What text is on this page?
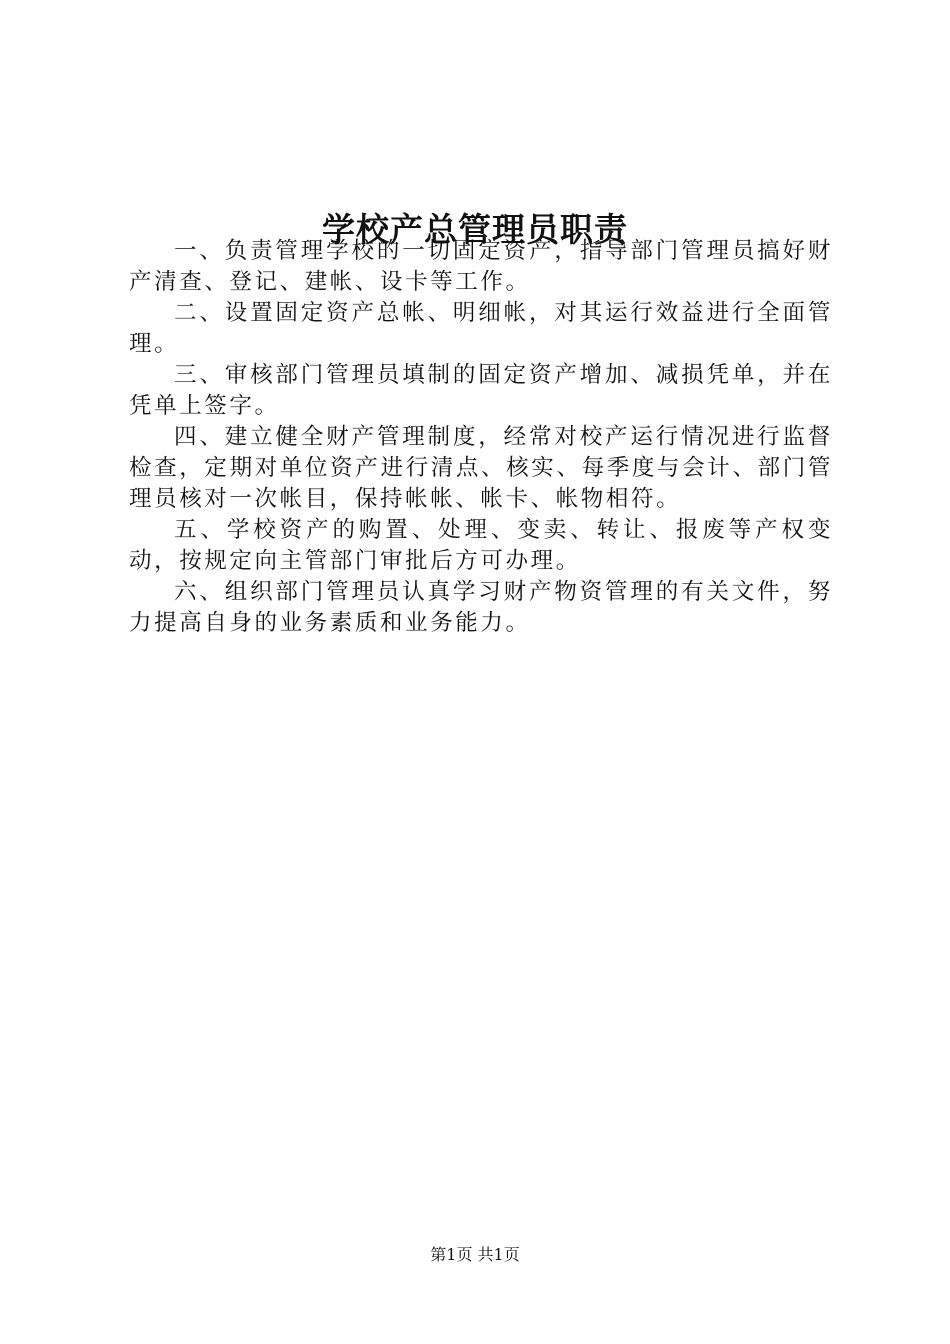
学校产总管理员职责

一、负责管理学校的一切固定资产，指导部门管理员搞好财产清查、登记、建帐、设卡等工作。

二、设置固定资产总帐、明细帐，对其运行效益进行全面管理。

三、审核部门管理员填制的固定资产增加、减损凭单，并在凭单上签字。

四、建立健全财产管理制度，经常对校产运行情况进行监督检查，定期对单位资产进行清点、核实、每季度与会计、部门管理员核对一次帐目，保持帐帐、帐卡、帐物相符。

五、学校资产的购置、处理、变卖、转让、报废等产权变动，按规定向主管部门审批后方可办理。

六、组织部门管理员认真学习财产物资管理的有关文件，努力提高自身的业务素质和业务能力。

第1页 共1页
